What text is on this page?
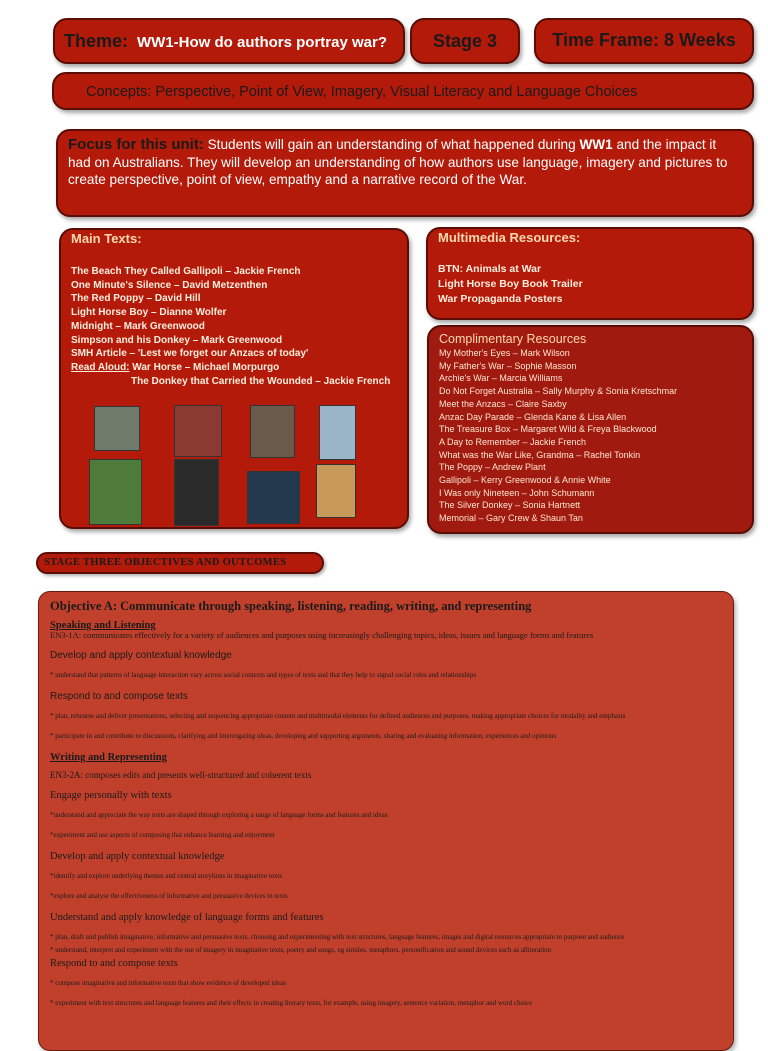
Theme: WW1-How do authors portray war?	Stage 3	Time Frame: 8 Weeks
Concepts: Perspective, Point of View, Imagery, Visual Literacy and Language Choices
Focus for this unit: Students will gain an understanding of what happened during WW1 and the impact it had on Australians. They will develop an understanding of how authors use language, imagery and pictures to create perspective, point of view, empathy and a narrative record of the War.
Main Texts:
The Beach They Called Gallipoli – Jackie French
One Minute's Silence – David Metzenthen
The Red Poppy – David Hill
Light Horse Boy – Dianne Wolfer
Midnight – Mark Greenwood
Simpson and his Donkey – Mark Greenwood
SMH Article – 'Lest we forget our Anzacs of today'
Read Aloud: War Horse – Michael Morpurgo
The Donkey that Carried the Wounded – Jackie French
Multimedia Resources:
BTN: Animals at War
Light Horse Boy Book Trailer
War Propaganda Posters
Complimentary Resources
My Mother's Eyes – Mark Wilson
My Father's War – Sophie Masson
Archie's War – Marcia Williams
Do Not Forget Australia – Sally Murphy & Sonia Kretschmar
Meet the Anzacs – Claire Saxby
Anzac Day Parade – Glenda Kane & Lisa Allen
The Treasure Box – Margaret Wild & Freya Blackwood
A Day to Remember – Jackie French
What was the War Like, Grandma – Rachel Tonkin
The Poppy – Andrew Plant
Gallipoli – Kerry Greenwood & Annie White
I Was only Nineteen – John Schumann
The Silver Donkey – Sonia Hartnett
Memorial – Gary Crew & Shaun Tan
STAGE THREE OBJECTIVES AND OUTCOMES

Objective A: Communicate through speaking, listening, reading, writing, and representing

Speaking and Listening

EN3-1A: communicates effectively for a variety of audiences and purposes using increasingly challenging topics, ideas, issues and language forms and features

Develop and apply contextual knowledge

* understand that patterns of language interaction vary across social contexts and types of texts and that they help to signal social roles and relationships

Respond to and compose texts

* plan, rehearse and deliver presentations, selecting and sequencing appropriate content and multimodal elements for defined audiences and purposes, making appropriate choices for modality and emphasis

* participate in and contribute to discussions, clarifying and interrogating ideas, developing and supporting arguments, sharing and evaluating information, experiences and opinions

Writing and Representing

EN3-2A: composes edits and presents well-structured and coherent texts

Engage personally with texts

*understand and appreciate the way texts are shaped through exploring a range of language forms and features and ideas

*experiment and use aspects of composing that enhance learning and enjoyment

Develop and apply contextual knowledge

*identify and explore underlying themes and central storylines in imaginative texts

*explore and analyse the effectiveness of informative and persuasive devices in texts

Understand and apply knowledge of language forms and features

* plan, draft and publish imaginative, informative and persuasive texts, choosing and experimenting with text structures, language features, images and digital resources appropriate to purpose and audience

* understand, interpret and experiment with the use of imagery in imaginative texts, poetry and songs, eg similes, metaphors, personification and sound devices such as alliteration

Respond to and compose texts

* compose imaginative and informative texts that show evidence of developed ideas

* experiment with text structures and language features and their effects in creating literary texts, for example, using imagery, sentence variation, metaphor and word choice
